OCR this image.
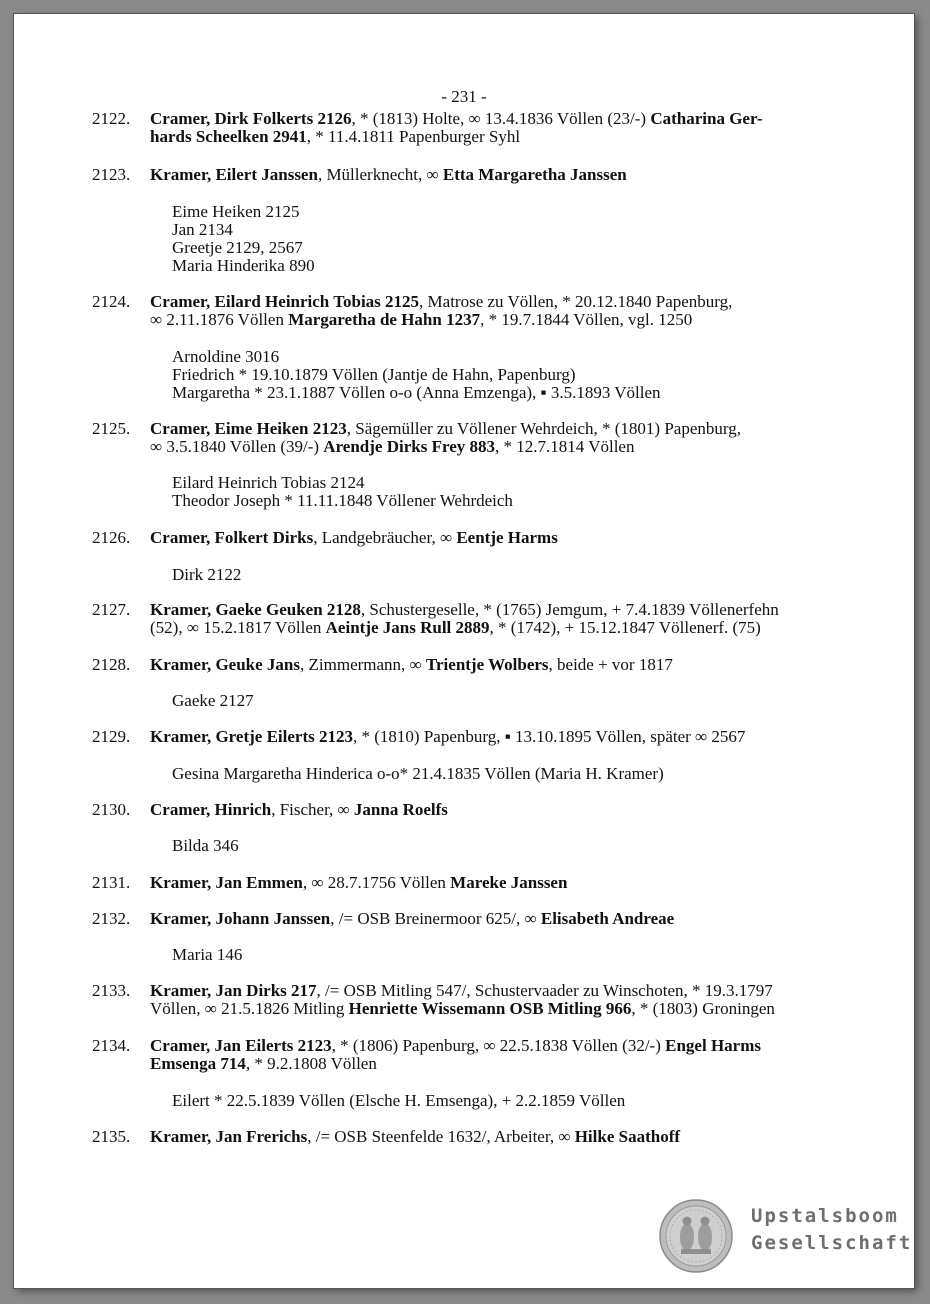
- 231 -
2122.	Cramer, Dirk Folkerts 2126, * (1813) Holte, ∞ 13.4.1836 Völlen (23/-) Catharina Ger-
hards Scheelken 2941, * 11.4.1811 Papenburger Syhl
2123.	Kramer, Eilert Janssen, Müllerknecht, ∞ Etta Margaretha Janssen
Eime Heiken 2125
Jan 2134
Greetje 2129, 2567
Maria Hinderika 890
2124.	Cramer, Eilard Heinrich Tobias 2125, Matrose zu Völlen, * 20.12.1840 Papenburg,
∞ 2.11.1876 Völlen Margaretha de Hahn 1237, * 19.7.1844 Völlen, vgl. 1250
Arnoldine 3016
Friedrich * 19.10.1879 Völlen (Jantje de Hahn, Papenburg)
Margaretha * 23.1.1887 Völlen o-o (Anna Emzenga), ▪ 3.5.1893 Völlen
2125.	Cramer, Eime Heiken 2123, Sägemüller zu Völlener Wehrdeich, * (1801) Papenburg,
∞ 3.5.1840 Völlen (39/-) Arendje Dirks Frey 883, * 12.7.1814 Völlen
Eilard Heinrich Tobias 2124
Theodor Joseph * 11.11.1848 Völlener Wehrdeich
2126.	Cramer, Folkert Dirks, Landgebräucher, ∞ Eentje Harms
Dirk 2122
2127.	Kramer, Gaeke Geuken 2128, Schustergeselle, * (1765) Jemgum, + 7.4.1839 Völlenerfehn
(52), ∞ 15.2.1817 Völlen Aeintje Jans Rull 2889, * (1742), + 15.12.1847 Völlenerf. (75)
2128.	Kramer, Geuke Jans, Zimmermann, ∞ Trientje Wolbers, beide + vor 1817
Gaeke 2127
2129.	Kramer, Gretje Eilerts 2123, * (1810) Papenburg, ▪ 13.10.1895 Völlen, später ∞ 2567
Gesina Margaretha Hinderica o-o* 21.4.1835 Völlen (Maria H. Kramer)
2130.	Cramer, Hinrich, Fischer, ∞ Janna Roelfs
Bilda 346
2131.	Kramer, Jan Emmen, ∞ 28.7.1756 Völlen Mareke Janssen
2132.	Kramer, Johann Janssen, /= OSB Breinermoor 625/, ∞ Elisabeth Andreae
Maria 146
2133.	Kramer, Jan Dirks 217, /= OSB Mitling 547/, Schustervaader zu Winschoten, * 19.3.1797
Völlen, ∞ 21.5.1826 Mitling Henriette Wissemann OSB Mitling 966, * (1803) Groningen
2134.	Cramer, Jan Eilerts 2123, * (1806) Papenburg, ∞ 22.5.1838 Völlen (32/-) Engel Harms
Emsenga 714, * 9.2.1808 Völlen
Eilert * 22.5.1839 Völlen (Elsche H. Emsenga), + 2.2.1859 Völlen
2135.	Kramer, Jan Frerichs, /= OSB Steenfelde 1632/, Arbeiter, ∞ Hilke Saathoff
Upstalsboom
Gesellschaft
